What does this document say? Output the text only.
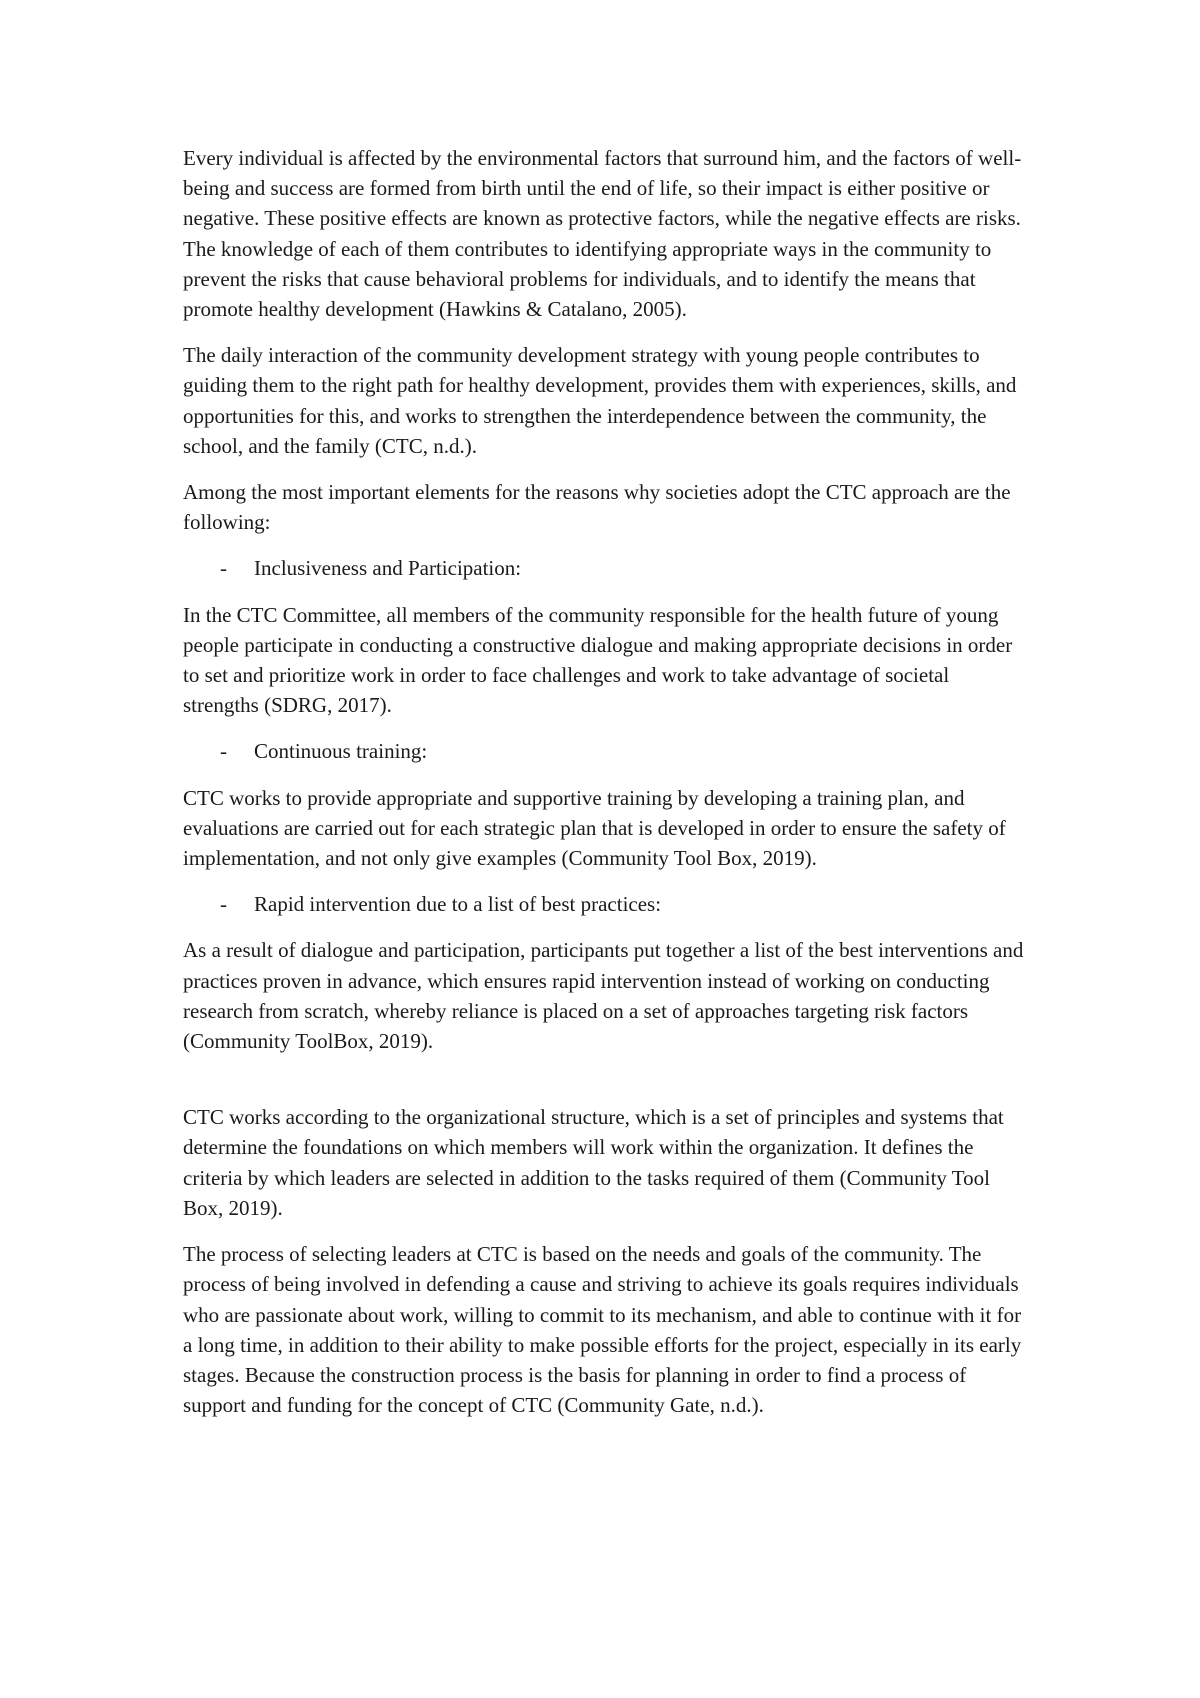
Every individual is affected by the environmental factors that surround him, and the factors of well-being and success are formed from birth until the end of life, so their impact is either positive or negative. These positive effects are known as protective factors, while the negative effects are risks. The knowledge of each of them contributes to identifying appropriate ways in the community to prevent the risks that cause behavioral problems for individuals, and to identify the means that promote healthy development (Hawkins & Catalano, 2005).

The daily interaction of the community development strategy with young people contributes to guiding them to the right path for healthy development, provides them with experiences, skills, and opportunities for this, and works to strengthen the interdependence between the community, the school, and the family (CTC, n.d.).

Among the most important elements for the reasons why societies adopt the CTC approach are the following:

- Inclusiveness and Participation:

In the CTC Committee, all members of the community responsible for the health future of young people participate in conducting a constructive dialogue and making appropriate decisions in order to set and prioritize work in order to face challenges and work to take advantage of societal strengths (SDRG, 2017).

- Continuous training:

CTC works to provide appropriate and supportive training by developing a training plan, and evaluations are carried out for each strategic plan that is developed in order to ensure the safety of implementation, and not only give examples (Community Tool Box, 2019).

- Rapid intervention due to a list of best practices:

As a result of dialogue and participation, participants put together a list of the best interventions and practices proven in advance, which ensures rapid intervention instead of working on conducting research from scratch, whereby reliance is placed on a set of approaches targeting risk factors (Community ToolBox, 2019).

CTC works according to the organizational structure, which is a set of principles and systems that determine the foundations on which members will work within the organization. It defines the criteria by which leaders are selected in addition to the tasks required of them (Community Tool Box, 2019).

The process of selecting leaders at CTC is based on the needs and goals of the community. The process of being involved in defending a cause and striving to achieve its goals requires individuals who are passionate about work, willing to commit to its mechanism, and able to continue with it for a long time, in addition to their ability to make possible efforts for the project, especially in its early stages. Because the construction process is the basis for planning in order to find a process of support and funding for the concept of CTC (Community Gate, n.d.).
